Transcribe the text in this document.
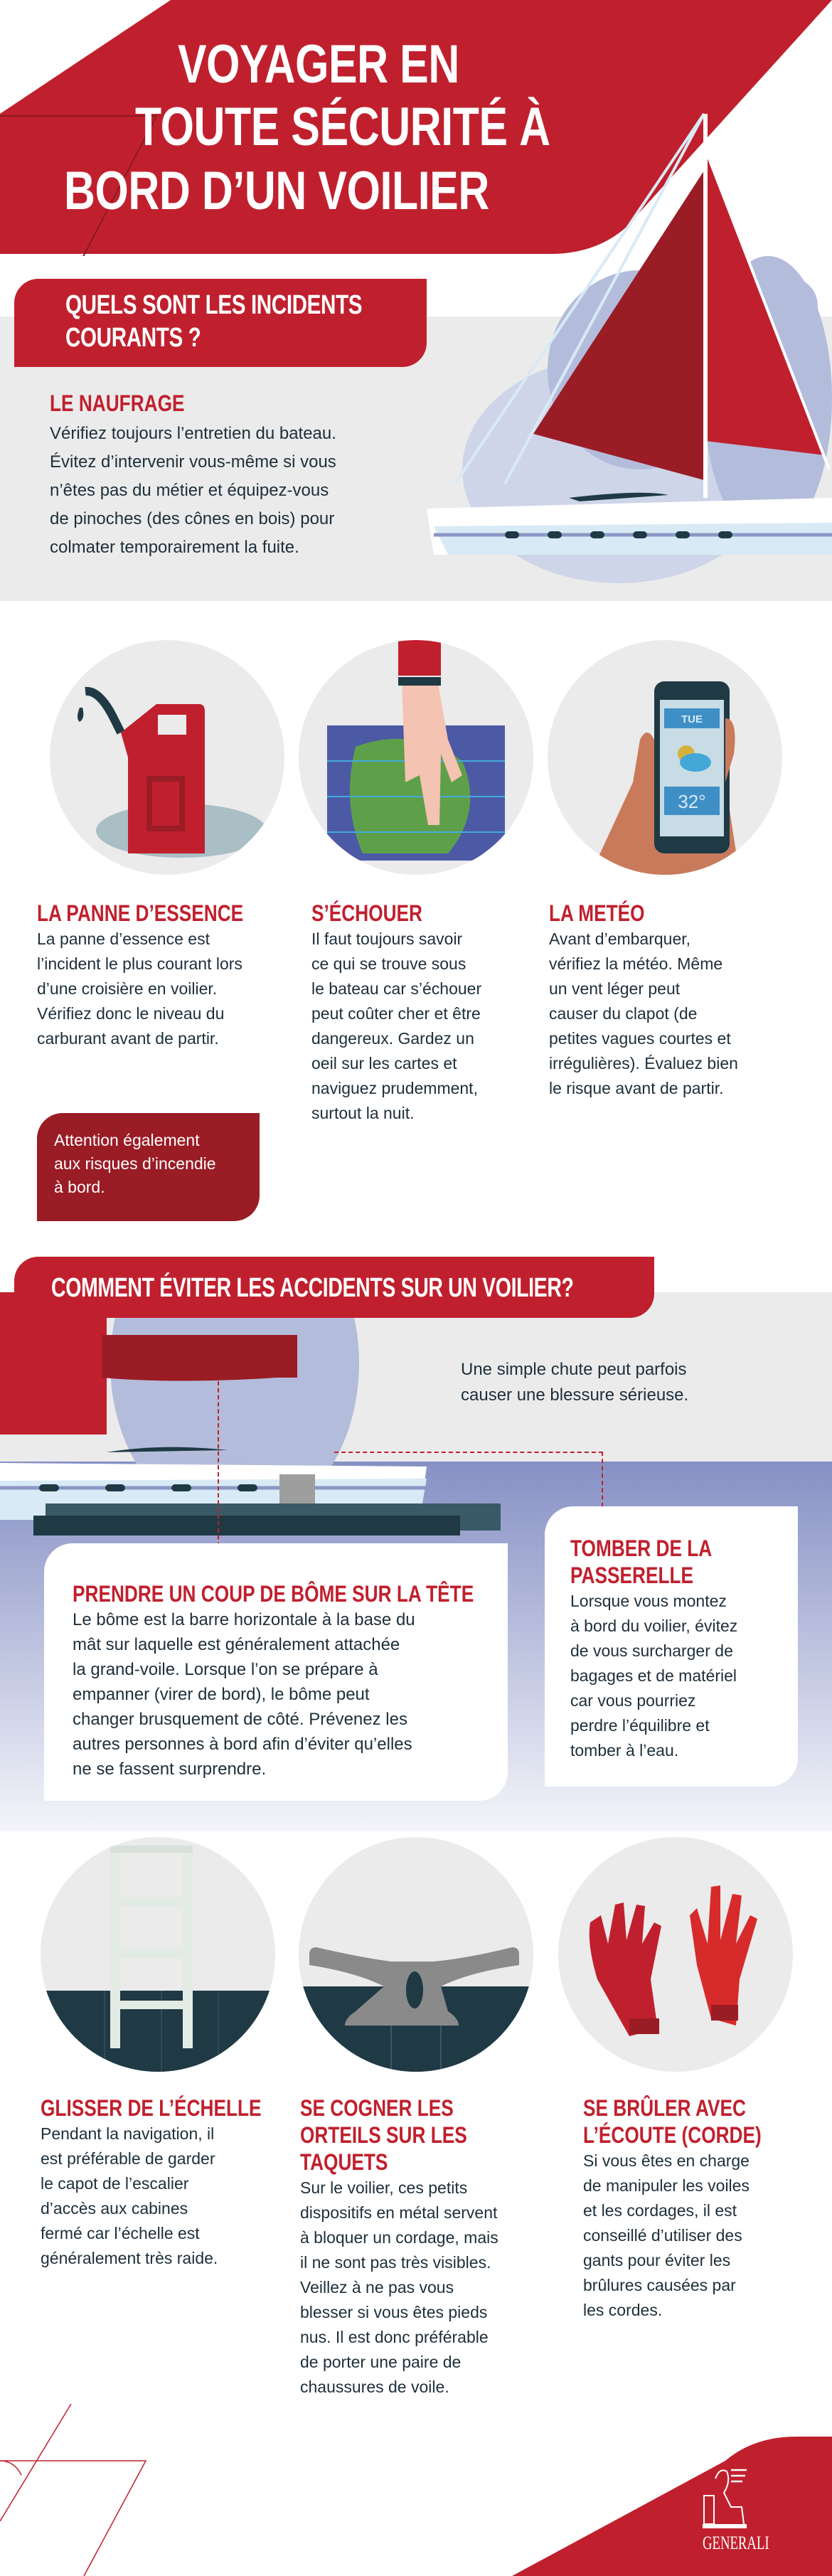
VOYAGER EN
TOUTE SÉCURITÉ À
BORD D’UN VOILIER
QUELS SONT LES INCIDENTS
COURANTS ?
LE NAUFRAGE
Vérifiez toujours l’entretien du bateau.
Évitez d’intervenir vous-même si vous
n’êtes pas du métier et équipez-vous
de pinoches (des cônes en bois) pour
colmater temporairement la fuite.
TUE
32°
LA PANNE D’ESSENCE
La panne d’essence est
l’incident le plus courant lors
d’une croisière en voilier.
Vérifiez donc le niveau du
carburant avant de partir.
S’ÉCHOUER
Il faut toujours savoir
ce qui se trouve sous
le bateau car s’échouer
peut coûter cher et être
dangereux. Gardez un
oeil sur les cartes et
naviguez prudemment,
surtout la nuit.
LA METÉO
Avant d’embarquer,
vérifiez la météo. Même
un vent léger peut
causer du clapot (de
petites vagues courtes et
irrégulières). Évaluez bien
le risque avant de partir.
Attention également
aux risques d’incendie
à bord.
COMMENT ÉVITER LES ACCIDENTS SUR UN VOILIER?
Une simple chute peut parfois
causer une blessure sérieuse.
PRENDRE UN COUP DE BÔME SUR LA TÊTE
Le bôme est la barre horizontale à la base du
mât sur laquelle est généralement attachée
la grand-voile. Lorsque l’on se prépare à
empanner (virer de bord), le bôme peut
changer brusquement de côté. Prévenez les
autres personnes à bord afin d’éviter qu’elles
ne se fassent surprendre.
TOMBER DE LA
PASSERELLE
Lorsque vous montez
à bord du voilier, évitez
de vous surcharger de
bagages et de matériel
car vous pourriez
perdre l’équilibre et
tomber à l’eau.
GLISSER DE L’ÉCHELLE
Pendant la navigation, il
est préférable de garder
le capot de l’escalier
d’accès aux cabines
fermé car l’échelle est
généralement très raide.
SE COGNER LES
ORTEILS SUR LES
TAQUETS
Sur le voilier, ces petits
dispositifs en métal servent
à bloquer un cordage, mais
il ne sont pas très visibles.
Veillez à ne pas vous
blesser si vous êtes pieds
nus. Il est donc préférable
de porter une paire de
chaussures de voile.
SE BRÛLER AVEC
L’ÉCOUTE (CORDE)
Si vous êtes en charge
de manipuler les voiles
et les cordages, il est
conseillé d’utiliser des
gants pour éviter les
brûlures causées par
les cordes.
GENERALI
